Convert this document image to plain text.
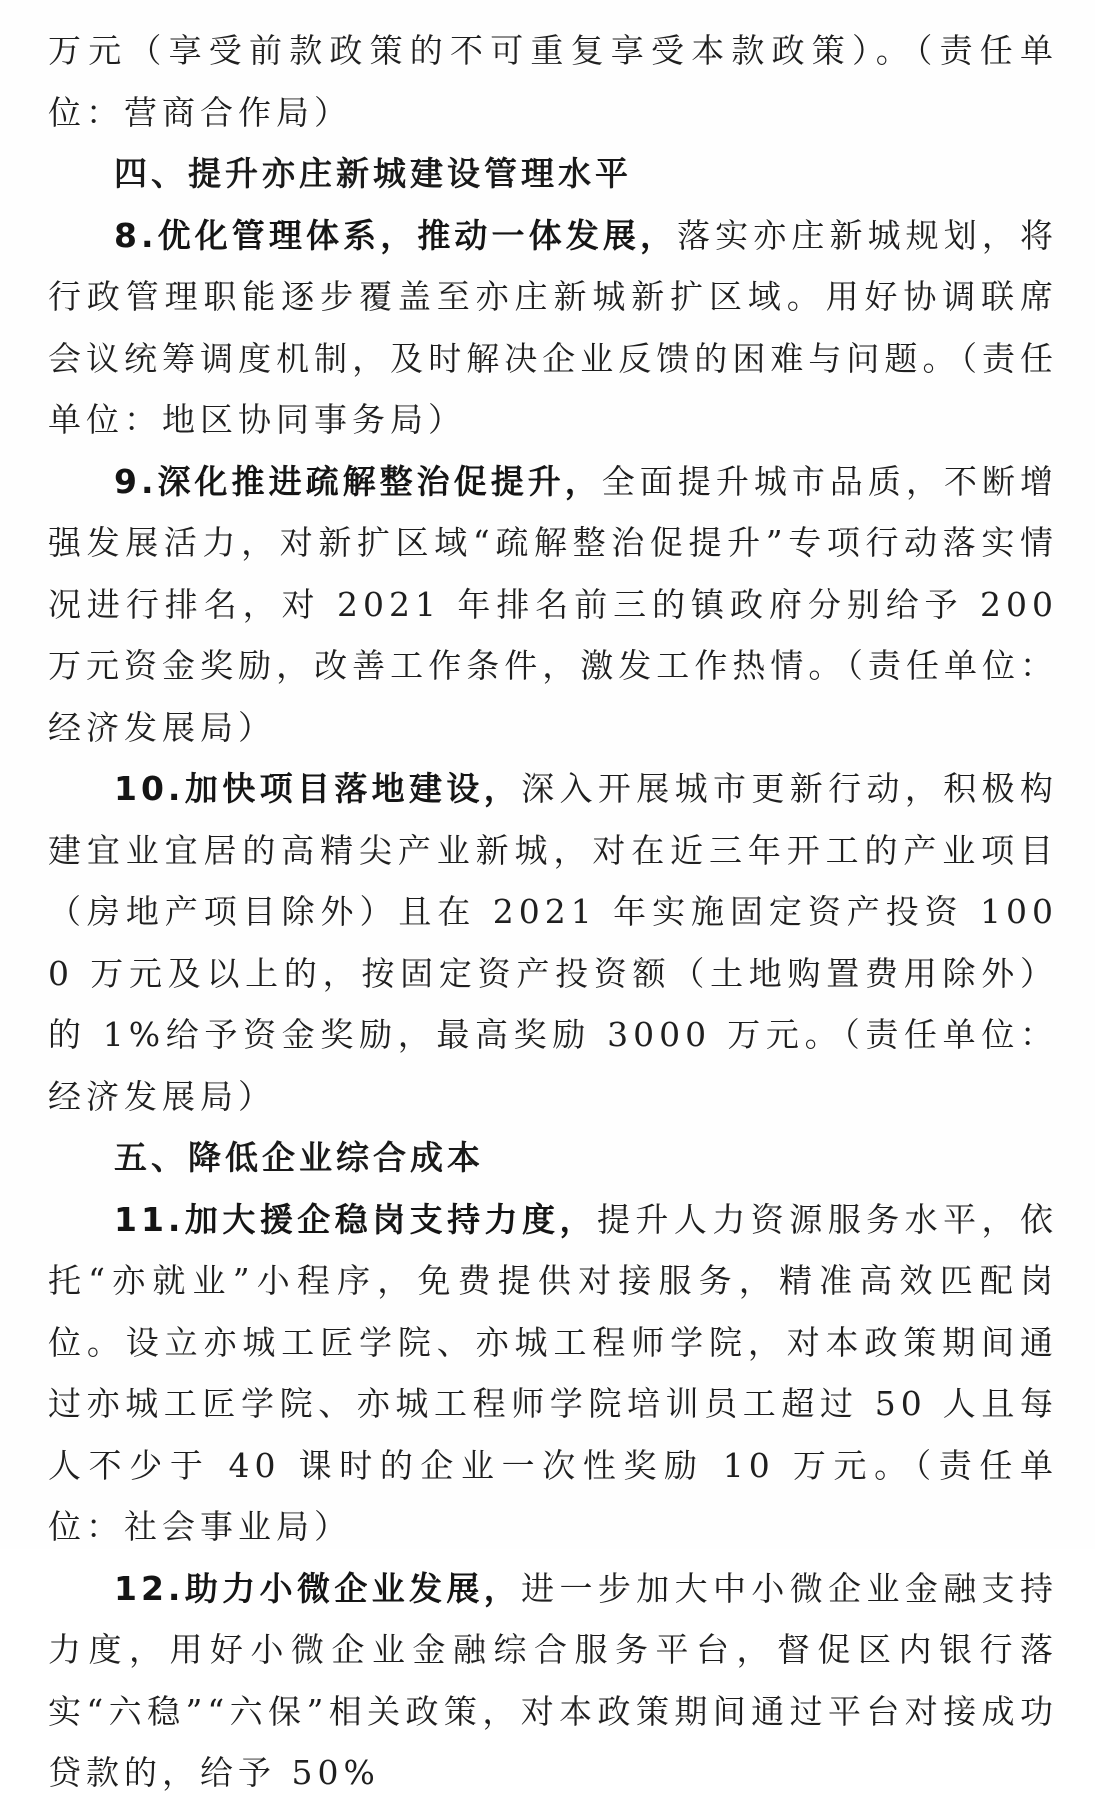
万元（享受前款政策的不可重复享受本款政策）。（责任单位：营商合作局）

四、提升亦庄新城建设管理水平

8.优化管理体系，推动一体发展，落实亦庄新城规划，将行政管理职能逐步覆盖至亦庄新城新扩区域。用好协调联席会议统筹调度机制，及时解决企业反馈的困难与问题。（责任单位：地区协同事务局）

9.深化推进疏解整治促提升，全面提升城市品质，不断增强发展活力，对新扩区域“疏解整治促提升”专项行动落实情况进行排名，对 2021 年排名前三的镇政府分别给予 200 万元资金奖励，改善工作条件，激发工作热情。（责任单位：经济发展局）

10.加快项目落地建设，深入开展城市更新行动，积极构建宜业宜居的高精尖产业新城，对在近三年开工的产业项目（房地产项目除外）且在 2021 年实施固定资产投资 1000 万元及以上的，按固定资产投资额（土地购置费用除外）的 1%给予资金奖励，最高奖励 3000 万元。（责任单位：经济发展局）

五、降低企业综合成本

11.加大援企稳岗支持力度，提升人力资源服务水平，依托“亦就业”小程序，免费提供对接服务，精准高效匹配岗位。设立亦城工匠学院、亦城工程师学院，对本政策期间通过亦城工匠学院、亦城工程师学院培训员工超过 50 人且每人不少于 40 课时的企业一次性奖励 10 万元。（责任单位：社会事业局）

12.助力小微企业发展，进一步加大中小微企业金融支持力度，用好小微企业金融综合服务平台，督促区内银行落实“六稳”“六保”相关政策，对本政策期间通过平台对接成功贷款的，给予 50%
